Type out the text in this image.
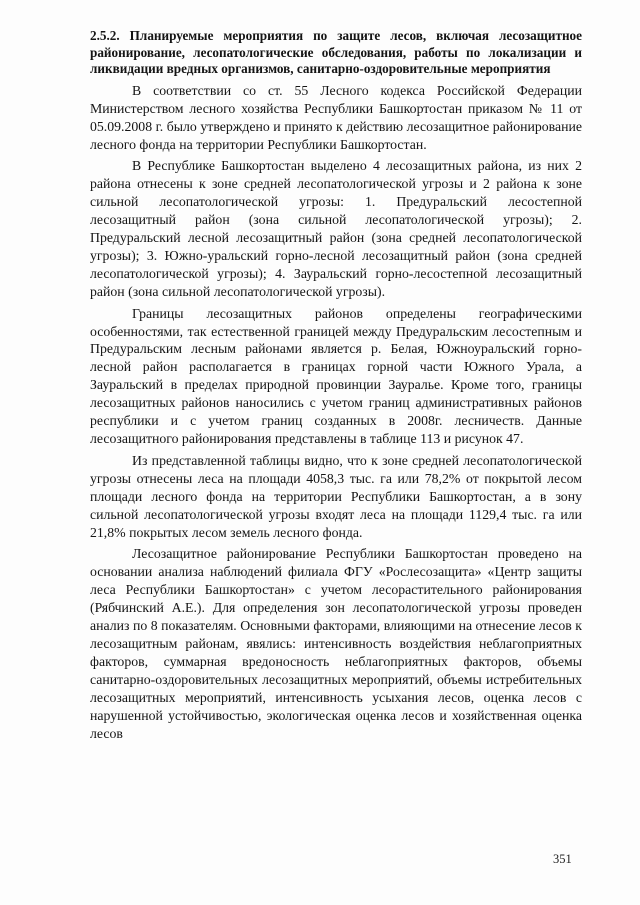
2.5.2. Планируемые мероприятия по защите лесов, включая лесозащитное районирование, лесопатологические обследования, работы по локализации и ликвидации вредных организмов, санитарно-оздоровительные мероприятия

В соответствии со ст. 55 Лесного кодекса Российской Федерации Министерством лесного хозяйства Республики Башкортостан приказом № 11 от 05.09.2008 г. было утверждено и принято к действию лесозащитное районирование лесного фонда на территории Республики Башкортостан.

В Республике Башкортостан выделено 4 лесозащитных района, из них 2 района отнесены к зоне средней лесопатологической угрозы и 2 района к зоне сильной лесопатологической угрозы: 1. Предуральский лесостепной лесозащитный район (зона сильной лесопатологической угрозы); 2. Предуральский лесной лесозащитный район (зона средней лесопатологической угрозы); 3. Южно-уральский горно-лесной лесозащитный район (зона средней лесопатологической угрозы); 4. Зауральский горно-лесостепной лесозащитный район (зона сильной лесопатологической угрозы).

Границы лесозащитных районов определены географическими особенностями, так естественной границей между Предуральским лесостепным и Предуральским лесным районами является р. Белая, Южноуральский горно-лесной район располагается в границах горной части Южного Урала, а Зауральский в пределах природной провинции Зауралье. Кроме того, границы лесозащитных районов наносились с учетом границ административных районов республики и с учетом границ созданных в 2008г. лесничеств. Данные лесозащитного районирования представлены в таблице 113 и рисунок 47.

Из представленной таблицы видно, что к зоне средней лесопатологической угрозы отнесены леса на площади 4058,3 тыс. га или 78,2% от покрытой лесом площади лесного фонда на территории Республики Башкортостан, а в зону сильной лесопатологической угрозы входят леса на площади 1129,4 тыс. га или 21,8% покрытых лесом земель лесного фонда.

Лесозащитное районирование Республики Башкортостан проведено на основании анализа наблюдений филиала ФГУ «Рослесозащита» «Центр защиты леса Республики Башкортостан» с учетом лесорастительного районирования (Рябчинский А.Е.). Для определения зон лесопатологической угрозы проведен анализ по 8 показателям. Основными факторами, влияющими на отнесение лесов к лесозащитным районам, явялись: интенсивность воздействия неблагоприятных факторов, суммарная вредоносность неблагоприятных факторов, объемы санитарно-оздоровительных лесозащитных мероприятий, объемы истребительных лесозащитных мероприятий, интенсивность усыхания лесов, оценка лесов с нарушенной устойчивостью, экологическая оценка лесов и хозяйственная оценка лесов

351
